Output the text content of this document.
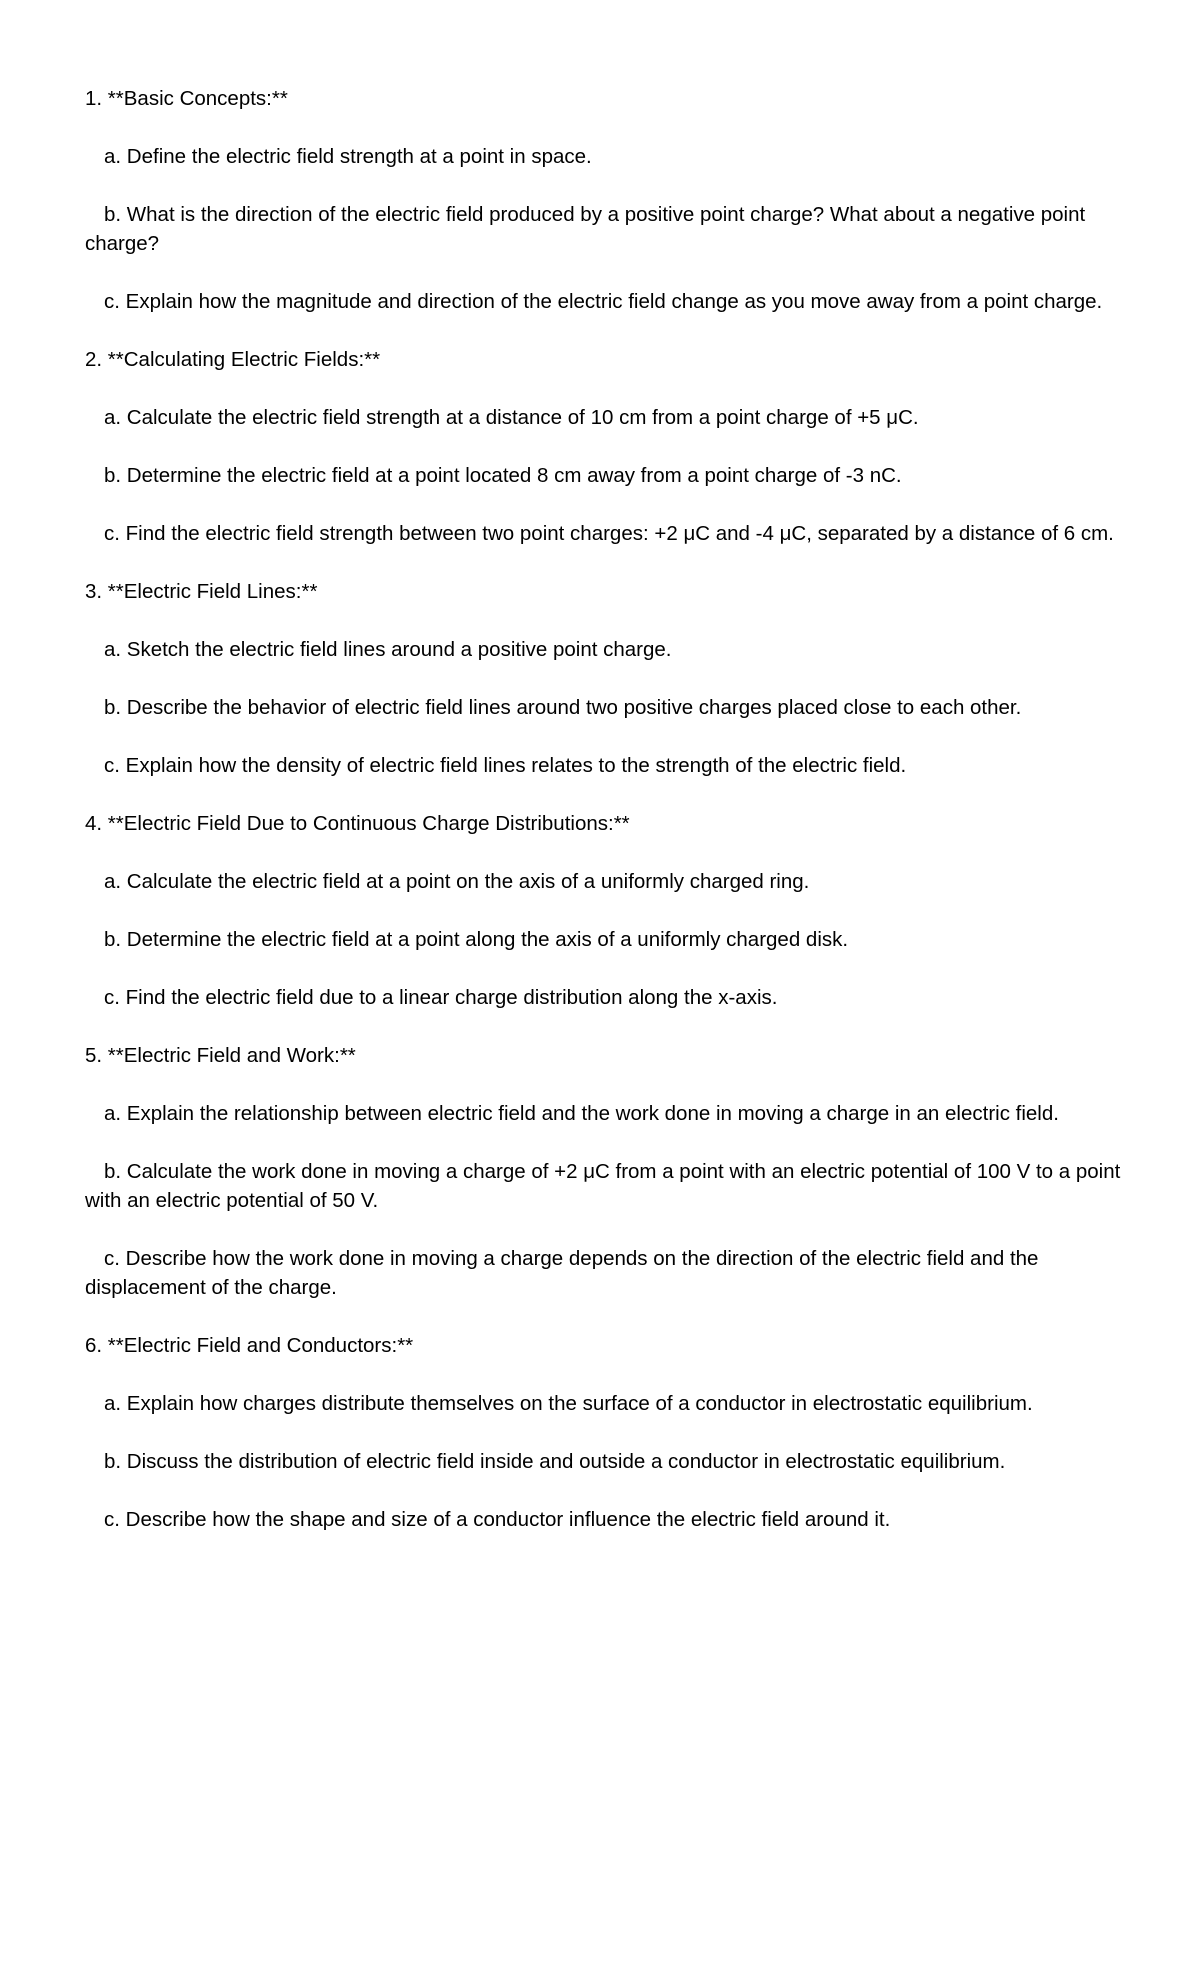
1. **Basic Concepts:**
a. Define the electric field strength at a point in space.
b. What is the direction of the electric field produced by a positive point charge? What about a negative point charge?
c. Explain how the magnitude and direction of the electric field change as you move away from a point charge.
2. **Calculating Electric Fields:**
a. Calculate the electric field strength at a distance of 10 cm from a point charge of +5 μC.
b. Determine the electric field at a point located 8 cm away from a point charge of -3 nC.
c. Find the electric field strength between two point charges: +2 μC and -4 μC, separated by a distance of 6 cm.
3. **Electric Field Lines:**
a. Sketch the electric field lines around a positive point charge.
b. Describe the behavior of electric field lines around two positive charges placed close to each other.
c. Explain how the density of electric field lines relates to the strength of the electric field.
4. **Electric Field Due to Continuous Charge Distributions:**
a. Calculate the electric field at a point on the axis of a uniformly charged ring.
b. Determine the electric field at a point along the axis of a uniformly charged disk.
c. Find the electric field due to a linear charge distribution along the x-axis.
5. **Electric Field and Work:**
a. Explain the relationship between electric field and the work done in moving a charge in an electric field.
b. Calculate the work done in moving a charge of +2 μC from a point with an electric potential of 100 V to a point with an electric potential of 50 V.
c. Describe how the work done in moving a charge depends on the direction of the electric field and the displacement of the charge.
6. **Electric Field and Conductors:**
a. Explain how charges distribute themselves on the surface of a conductor in electrostatic equilibrium.
b. Discuss the distribution of electric field inside and outside a conductor in electrostatic equilibrium.
c. Describe how the shape and size of a conductor influence the electric field around it.
